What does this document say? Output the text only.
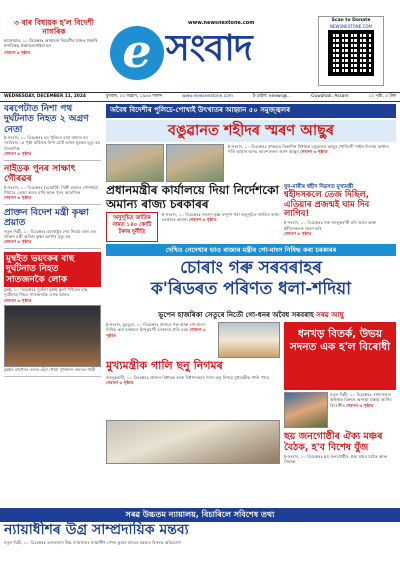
৩ বাৰ বিধায়ক হ'ল বিদেশী নাগৰিক
হাজোৱাল, ১০ ডিচেম্বৰঃ আসামান ৰিডেশীৰ মাজত ঢাকাৰি নাগৰিকত্ব প্ৰকাশডোসাইয়া হল
শেষাংশ ৬ পৃষ্ঠাত
www.newsnextone.com
e সংবাদ
Scan to Donate
NEWSNEXTONE.COM
WEDNESDAY, DECEMBER 11, 2024	বুধবাৰ, ২৫ অঘ্ৰাণ, ১৯৪৬ শকাব্দ	www.newsnextone.com	ই-মেইল: enews@...	Guwahati, Assam	১২ পৃষ্ঠা, ৫ টকা
বৰপেটাত নিশা পথ দুৰ্ঘটনাত নিহত ২ অগ্ৰণ নেতা
ই-সংবাদ, ১০ ডিচেম্বৰঃ বৰ পুলিচৰ বাৰা বাহাত নব সংৰিবাৰ ১ম পৃষ্ঠা বাহিৰত নিশা মোট এজন যুবকৰ মৃত্যু হয় সাংবাদিক
শেষাংশ ৬ পৃষ্ঠাত
নাইড়ক পুনৰ সাক্ষাৎ গৌৰৱৰ
ই-সংবাদ, ১০ ডিচেম্বৰঃ (চোৱাট)- শিল্পী মাতাত পোনাইয়া গিয়াৰে তোয়া অসম বাৰি আৰু পুনৰ আবাসিক
শেষাংশ ৬ পৃষ্ঠাত
প্ৰাক্তন বিদেশ মন্ত্ৰী কৃষ্ণা প্ৰয়াত
নতুন দিল্লী, ১০ ডিচেম্বৰঃ মহাৰাষ্ট্ৰৰ শেৰ নিয়াম তাল মত প্ৰাক্তন মন্ত্ৰী অৰিজ কৃষ্ণা আৰ্থাৰ মৃত্যু হয়
শেষাংশ ৬ পৃষ্ঠাত
মুম্বইত ভয়ংকৰ বাছ দুৰ্ঘটনাত নিহত সাতজনকৈ লোক
মুম্বই, ১০ ডিচেম্বৰঃ দুৰ্ঘটনা মুম্বাই কুৰ্লা পশ্চিমত বাছ দুৰ্ঘটনাত নিহত সাতজনকৈ লোক আহত
শেষাংশ ৬ পৃষ্ঠাত
মুম্বইৰ বাছখনৰ তলত হেঁচা খোৱা দুখনমান ৰাহনত গাড়ী
অবৈধ বিদেশীৰ পুলিচে-পোখাই উৎখাতৰ আহ্বান ৫০ সমুজ্জ্বলৰ
বঙুৱানত শহীদৰ স্মৰণ আছুৰ
ই-সংবাদ, ১০ ডিচেম্বৰঃ প্ৰথমতে নিকাশিন বিধায়ক বঙুৱানত আছুৰ খোজিলী পাইথ দিল্যাম অৰ্থনৰ গতি আমাৰ অসম আন্দোলনৰ স্মৰণ আছুৰ শেষাংশ ৬ পৃষ্ঠাত
প্ৰধানমন্ত্ৰীৰ কাৰ্যালয়ে দিয়া নিৰ্দেশকো অমান্য ৰাজ্য চৰকাৰৰ
অনুসূচিত জাতিৰ নামত ১৪০ কোটি টকাৰ দুৰ্নীতি
ই-সংবাদ, ১০ ডিচেম্বৰঃ সাংসদ কৃষ্ণ মানুপা পৰা অনুসূচিত জাতিৰ ৰাজ্য চৰকাৰৰ অমান্য শেষাংশ ৬ পৃষ্ঠাত
যুব-মাৰীৰ শ্বহীদ দিৱসত মুখ্যমন্ত্ৰী
শ্বহীদসকলে তেজ দিছিল, এতিয়াৰ প্ৰজন্মই ঘাম দিব লাগিব!
ই-সংবাদ, ১০ ডিচেম্বৰঃ সৰু জালুকবাৰী মনি অসম আৰু শ্বহীদসকলক স্মৰণ কৰি
শেষাংশ ৬ পৃষ্ঠাত
দেখিও নেদেখাৰ ভাও ৰাজ্যৰ মন্ত্ৰীৰ গো-মাংস নিষিদ্ধ কৰা চৰকাৰৰ
চোৰাং গৰু সৰবৰাহৰ
ক'ৰিডৰত পৰিণত ধলা-শদিয়া
ভূপেন হাজৰিকা সেতুৰে নিতৌ গো-ধনৰ অবৈধ সৰবৰাহ সৰৱ আছু
ই-সংবাদ, চুমডুমা, ১০ ডিচেম্বৰঃ ৰাজ্যত গৰু আৰু গো-মাংস নিষিদ্ধ কৰা চৰকাৰে হিন্দুত্ববাদী চৰকাৰৰ প্ৰতি চৰম শেষাংশ ৬ পৃষ্ঠাত
মুখ্যমন্ত্ৰীক গালি ছনু নিগমৰ
জালুকবাৰী, ১০ ডিচেম্বৰঃ প্ৰাক্তন বিধায়ক আৰু বিধানসভাৰ সদস্য ছনু নিগমে মুখ্যমন্ত্ৰীক গালি পাৰে
শেষাংশ ৬ পৃষ্ঠাত
ধনখড় বিতৰ্ক, উভয় সদনত এক হ'ল বিৰোধী
নতুন দিল্লী, ১০ ডিচেম্বৰঃ ৰাজ্যসভাৰ অধ্যক্ষৰ বিৰুদ্ধে অনাস্থা প্ৰস্তাৱ আনিব বিৰোধীৰ শেষাংশ ৬ পৃষ্ঠাত
ছয় জনগোষ্ঠীৰ ঐক্য মঞ্চৰ বৈঠক, হ'ব বিশেষ যুঁজ
ই-সংবাদ, ১০ ডিচেম্বৰঃ ছয় জনগোষ্ঠীৰ ঐক্য মঞ্চৰ বৈঠক আৰু সিদ্ধান্ত
সৰৱ উচ্চতম ন্যায়ালয়, বিচাৰিলে সবিশেষ তথ্য
ন্যায়াধীশৰ উগ্ৰ সাম্প্ৰদায়িক মন্তব্য
নতুন দিল্লী, ১০ ডিচেম্বৰঃ এলাহাবাদ উচ্চ ন্যায়ালয়ৰ ন্যায়াধীশ শেখৰ কুমাৰ যাদৱৰ মন্তব্যৰ বিৰুদ্ধে অভিযোগ
